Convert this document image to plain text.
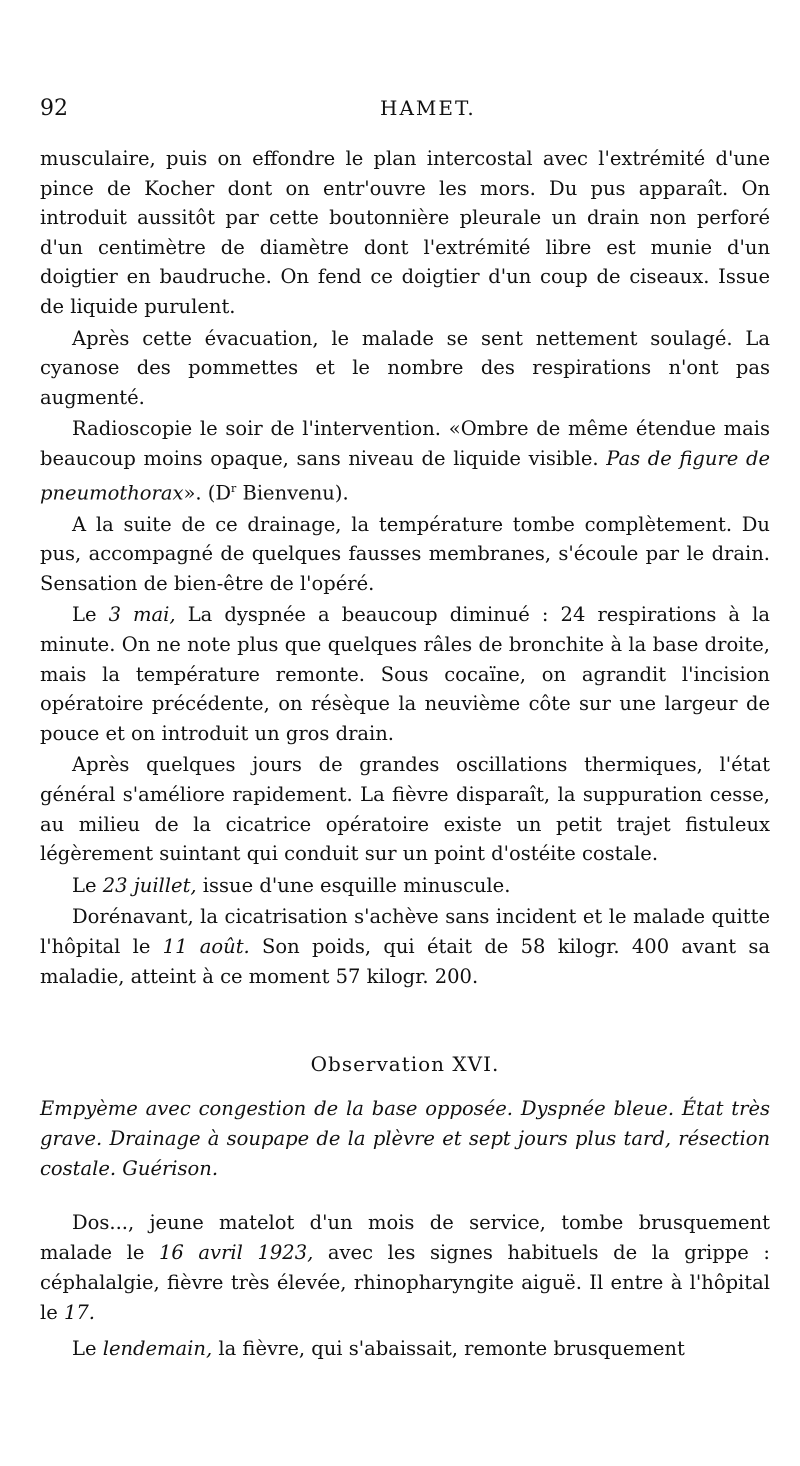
92	HAMET.

musculaire, puis on effondre le plan intercostal avec l'extrémité d'une pince de Kocher dont on entr'ouvre les mors. Du pus apparaît. On introduit aussitôt par cette boutonnière pleurale un drain non perforé d'un centimètre de diamètre dont l'extrémité libre est munie d'un doigtier en baudruche. On fend ce doigtier d'un coup de ciseaux. Issue de liquide purulent.

Après cette évacuation, le malade se sent nettement soulagé. La cyanose des pommettes et le nombre des respirations n'ont pas augmenté.

Radioscopie le soir de l'intervention. «Ombre de même étendue mais beaucoup moins opaque, sans niveau de liquide visible. Pas de figure de pneumothorax». ($D^r$ Bienvenu).

A la suite de ce drainage, la température tombe complètement. Du pus, accompagné de quelques fausses membranes, s'écoule par le drain. Sensation de bien-être de l'opéré.

Le 3 mai, La dyspnée a beaucoup diminué : 24 respirations à la minute. On ne note plus que quelques râles de bronchite à la base droite, mais la température remonte. Sous cocaïne, on agrandit l'incision opératoire précédente, on résèque la neuvième côte sur une largeur de pouce et on introduit un gros drain.

Après quelques jours de grandes oscillations thermiques, l'état général s'améliore rapidement. La fièvre disparaît, la suppuration cesse, au milieu de la cicatrice opératoire existe un petit trajet fistuleux légèrement suintant qui conduit sur un point d'ostéite costale.

Le 23 juillet, issue d'une esquille minuscule.

Dorénavant, la cicatrisation s'achève sans incident et le malade quitte l'hôpital le 11 août. Son poids, qui était de 58 kilogr. 400 avant sa maladie, atteint à ce moment 57 kilogr. 200.

Observation XVI.
Empyème avec congestion de la base opposée. Dyspnée bleue. État très grave. Drainage à soupape de la plèvre et sept jours plus tard, résection costale. Guérison.

Dos..., jeune matelot d'un mois de service, tombe brusquement malade le 16 avril 1923, avec les signes habituels de la grippe : céphalalgie, fièvre très élevée, rhinopharyngite aiguë. Il entre à l'hôpital le 17.

Le lendemain, la fièvre, qui s'abaissait, remonte brusquement
